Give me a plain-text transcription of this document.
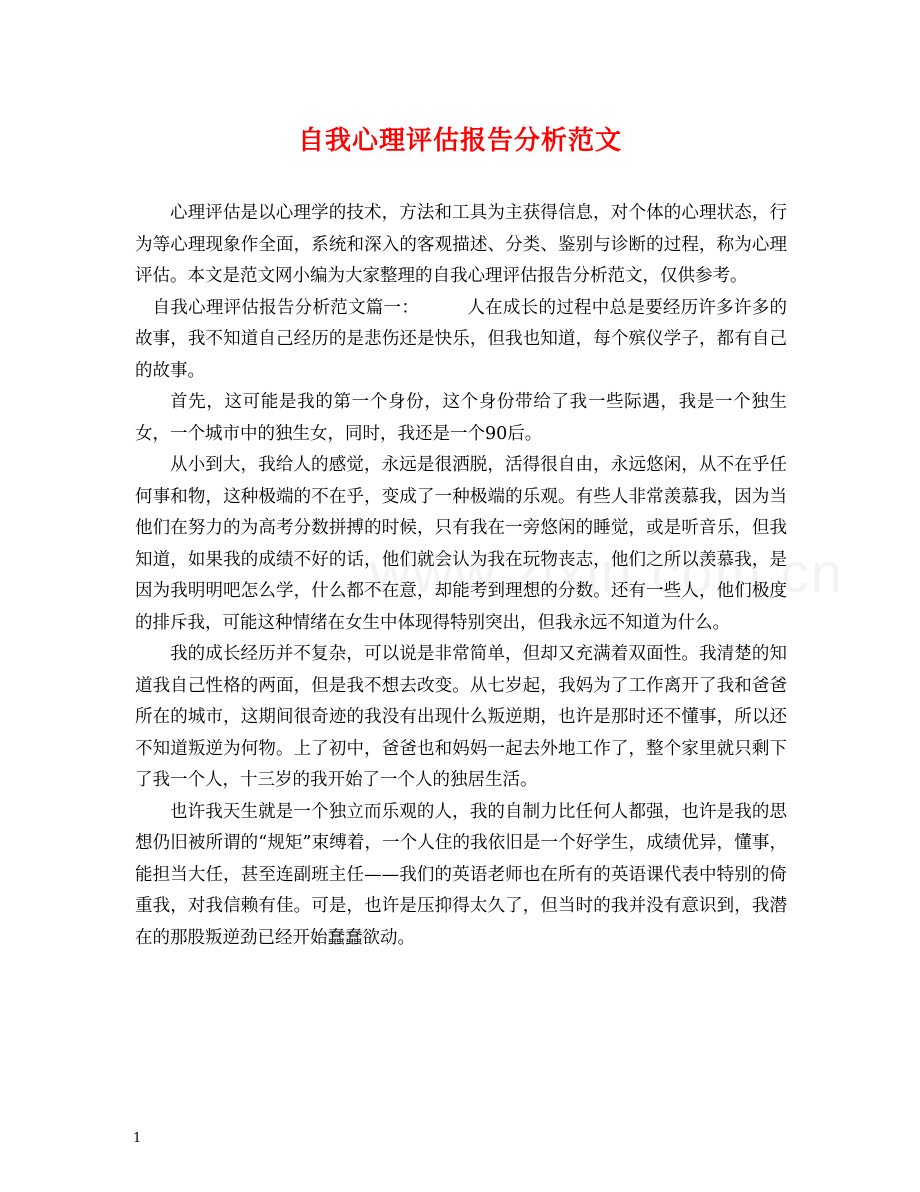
自我心理评估报告分析范文

心理评估是以心理学的技术，方法和工具为主获得信息，对个体的心理状态，行为等心理现象作全面，系统和深入的客观描述、分类、鉴别与诊断的过程，称为心理评估。本文是范文网小编为大家整理的自我心理评估报告分析范文，仅供参考。

自我心理评估报告分析范文篇一：	人在成长的过程中总是要经历许多许多的故事，我不知道自己经历的是悲伤还是快乐，但我也知道，每个殡仪学子，都有自己的故事。

首先，这可能是我的第一个身份，这个身份带给了我一些际遇，我是一个独生女，一个城市中的独生女，同时，我还是一个90后。

从小到大，我给人的感觉，永远是很洒脱，活得很自由，永远悠闲，从不在乎任何事和物，这种极端的不在乎，变成了一种极端的乐观。有些人非常羡慕我，因为当他们在努力的为高考分数拼搏的时候，只有我在一旁悠闲的睡觉，或是听音乐，但我知道，如果我的成绩不好的话，他们就会认为我在玩物丧志，他们之所以羡慕我，是因为我明明吧怎么学，什么都不在意，却能考到理想的分数。还有一些人，他们极度的排斥我，可能这种情绪在女生中体现得特别突出，但我永远不知道为什么。

我的成长经历并不复杂，可以说是非常简单，但却又充满着双面性。我清楚的知道我自己性格的两面，但是我不想去改变。从七岁起，我妈为了工作离开了我和爸爸所在的城市，这期间很奇迹的我没有出现什么叛逆期，也许是那时还不懂事，所以还不知道叛逆为何物。上了初中，爸爸也和妈妈一起去外地工作了，整个家里就只剩下了我一个人，十三岁的我开始了一个人的独居生活。

也许我天生就是一个独立而乐观的人，我的自制力比任何人都强，也许是我的思想仍旧被所谓的“规矩”束缚着，一个人住的我依旧是一个好学生，成绩优异，懂事，能担当大任，甚至连副班主任——我们的英语老师也在所有的英语课代表中特别的倚重我，对我信赖有佳。可是，也许是压抑得太久了，但当时的我并没有意识到，我潜在的那股叛逆劲已经开始蠢蠢欲动。

1
